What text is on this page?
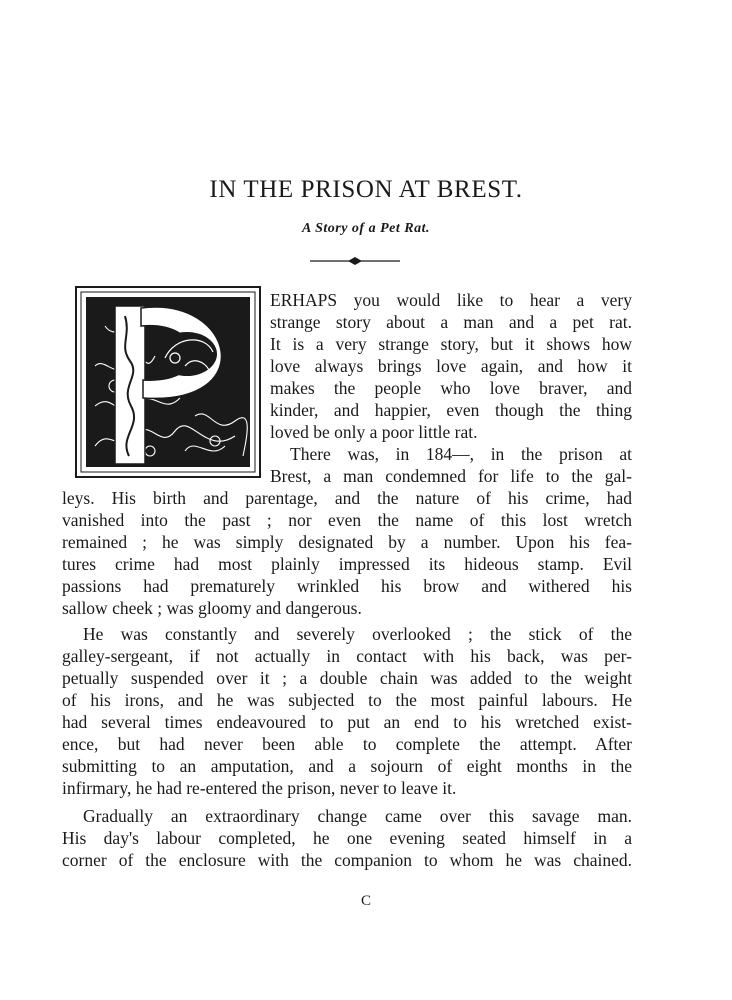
IN THE PRISON AT BREST.
A Story of a Pet Rat.
ERHAPS you would like to hear a very
strange story about a man and a pet rat.
It is a very strange story, but it shows how
love always brings love again, and how it
makes the people who love braver, and
kinder, and happier, even though the thing
loved be only a poor little rat.
There was, in 184—, in the prison at
Brest, a man condemned for life to the gal-
leys. His birth and parentage, and the nature of his crime, had
vanished into the past ; nor even the name of this lost wretch
remained ; he was simply designated by a number. Upon his fea-
tures crime had most plainly impressed its hideous stamp. Evil
passions had prematurely wrinkled his brow and withered his
sallow cheek ; was gloomy and dangerous.
He was constantly and severely overlooked ; the stick of the
galley-sergeant, if not actually in contact with his back, was per-
petually suspended over it ; a double chain was added to the weight
of his irons, and he was subjected to the most painful labours. He
had several times endeavoured to put an end to his wretched exist-
ence, but had never been able to complete the attempt. After
submitting to an amputation, and a sojourn of eight months in the
infirmary, he had re-entered the prison, never to leave it.
Gradually an extraordinary change came over this savage man.
His day's labour completed, he one evening seated himself in a
corner of the enclosure with the companion to whom he was chained.
C
